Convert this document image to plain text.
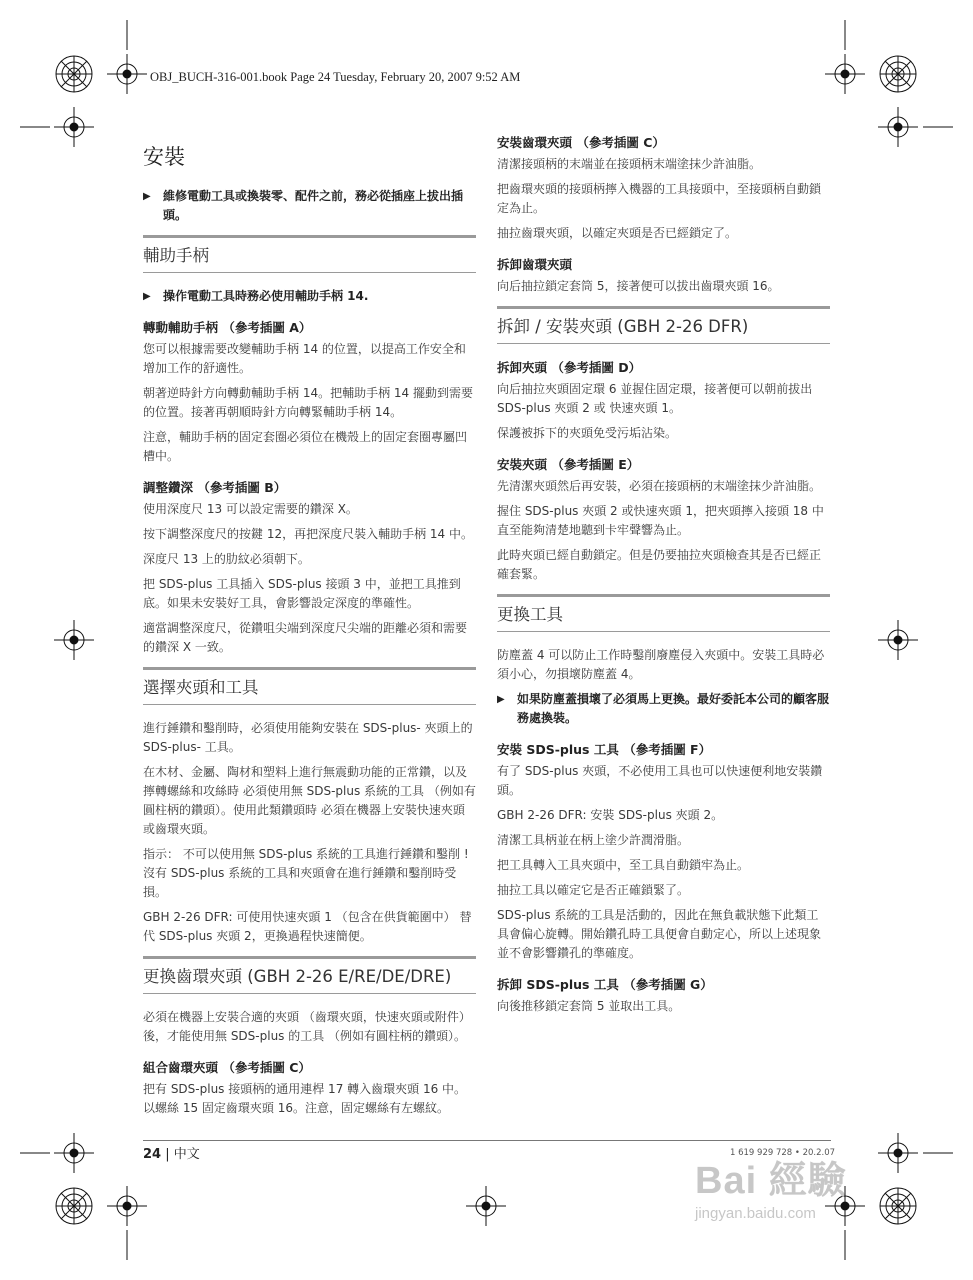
OBJ_BUCH-316-001.book Page 24 Tuesday, February 20, 2007 9:52 AM
安裝
▶	維修電動工具或換裝零、配件之前，務必從插座上拔出插頭。
輔助手柄
▶	操作電動工具時務必使用輔助手柄 14.
轉動輔助手柄 （參考插圖 A）

您可以根據需要改變輔助手柄 14 的位置，以提高工作安全和增加工作的舒適性。

朝著逆時針方向轉動輔助手柄 14。把輔助手柄 14 擺動到需要的位置。接著再朝順時針方向轉緊輔助手柄 14。

注意，輔助手柄的固定套圈必須位在機殼上的固定套圈專屬凹槽中。

調整鑽深 （參考插圖 B）

使用深度尺 13 可以設定需要的鑽深 X。

按下調整深度尺的按鍵 12，再把深度尺裝入輔助手柄 14 中。

深度尺 13 上的肋紋必須朝下。

把 SDS-plus 工具插入 SDS-plus 接頭 3 中，並把工具推到底。如果未安裝好工具，會影響設定深度的準確性。

適當調整深度尺，從鑽咀尖端到深度尺尖端的距離必須和需要的鑽深 X 一致。

選擇夾頭和工具

進行錘鑽和鑿削時，必須使用能夠安裝在 SDS-plus- 夾頭上的 SDS-plus- 工具。

在木材、金屬、陶材和塑料上進行無震動功能的正常鑽，以及擰轉螺絲和攻絲時 必須使用無 SDS-plus 系統的工具 （例如有圓柱柄的鑽頭）。使用此類鑽頭時 必須在機器上安裝快速夾頭或齒環夾頭。

指示： 不可以使用無 SDS-plus 系統的工具進行錘鑽和鑿削 ! 沒有 SDS-plus 系統的工具和夾頭會在進行錘鑽和鑿削時受損。

GBH 2-26 DFR: 可使用快速夾頭 1 （包含在供貨範圍中） 替代 SDS-plus 夾頭 2，更換過程快速簡便。

更換齒環夾頭 (GBH 2-26 E/RE/DE/DRE)

必須在機器上安裝合適的夾頭 （齒環夾頭，快速夾頭或附件）後，才能使用無 SDS-plus 的工具 （例如有圓柱柄的鑽頭）。

組合齒環夾頭 （參考插圖 C）

把有 SDS-plus 接頭柄的通用連桿 17 轉入齒環夾頭 16 中。以螺絲 15 固定齒環夾頭 16。注意，固定螺絲有左螺紋。

安裝齒環夾頭 （參考插圖 C）

清潔接頭柄的末端並在接頭柄末端塗抹少許油脂。

把齒環夾頭的接頭柄擰入機器的工具接頭中，至接頭柄自動鎖定為止。

抽拉齒環夾頭，以確定夾頭是否已經鎖定了。

拆卸齒環夾頭

向后抽拉鎖定套筒 5，接著便可以拔出齒環夾頭 16。

拆卸 / 安裝夾頭 (GBH 2-26 DFR)
拆卸夾頭 （參考插圖 D）

向后抽拉夾頭固定環 6 並握住固定環，接著便可以朝前拔出 SDS-plus 夾頭 2 或 快速夾頭 1。

保護被拆下的夾頭免受污垢沾染。

安裝夾頭 （參考插圖 E）

先清潔夾頭然后再安裝，必須在接頭柄的末端塗抹少許油脂。

握住 SDS-plus 夾頭 2 或快速夾頭 1，把夾頭擰入接頭 18 中直至能夠清楚地聽到卡牢聲響為止。

此時夾頭已經自動鎖定。但是仍要抽拉夾頭檢查其是否已經正確套緊。

更換工具

防塵蓋 4 可以防止工作時鑿削廢塵侵入夾頭中。安裝工具時必須小心，勿損壞防塵蓋 4。

▶	如果防塵蓋損壞了必須馬上更換。最好委託本公司的顧客服務處換裝。
安裝 SDS-plus 工具 （參考插圖 F）

有了 SDS-plus 夾頭，不必使用工具也可以快速便利地安裝鑽頭。

GBH 2-26 DFR: 安裝 SDS-plus 夾頭 2。

清潔工具柄並在柄上塗少許潤滑脂。

把工具轉入工具夾頭中，至工具自動鎖牢為止。

抽拉工具以確定它是否正確鎖緊了。

SDS-plus 系統的工具是活動的，因此在無負載狀態下此類工具會偏心旋轉。開始鑽孔時工具便會自動定心，所以上述現象並不會影響鑽孔的準確度。

拆卸 SDS-plus 工具 （參考插圖 G）

向後推移鎖定套筒 5 並取出工具。

24 | 中文	1 619 929 728 • 20.2.07
Bai 經驗
jingyan.baidu.com
